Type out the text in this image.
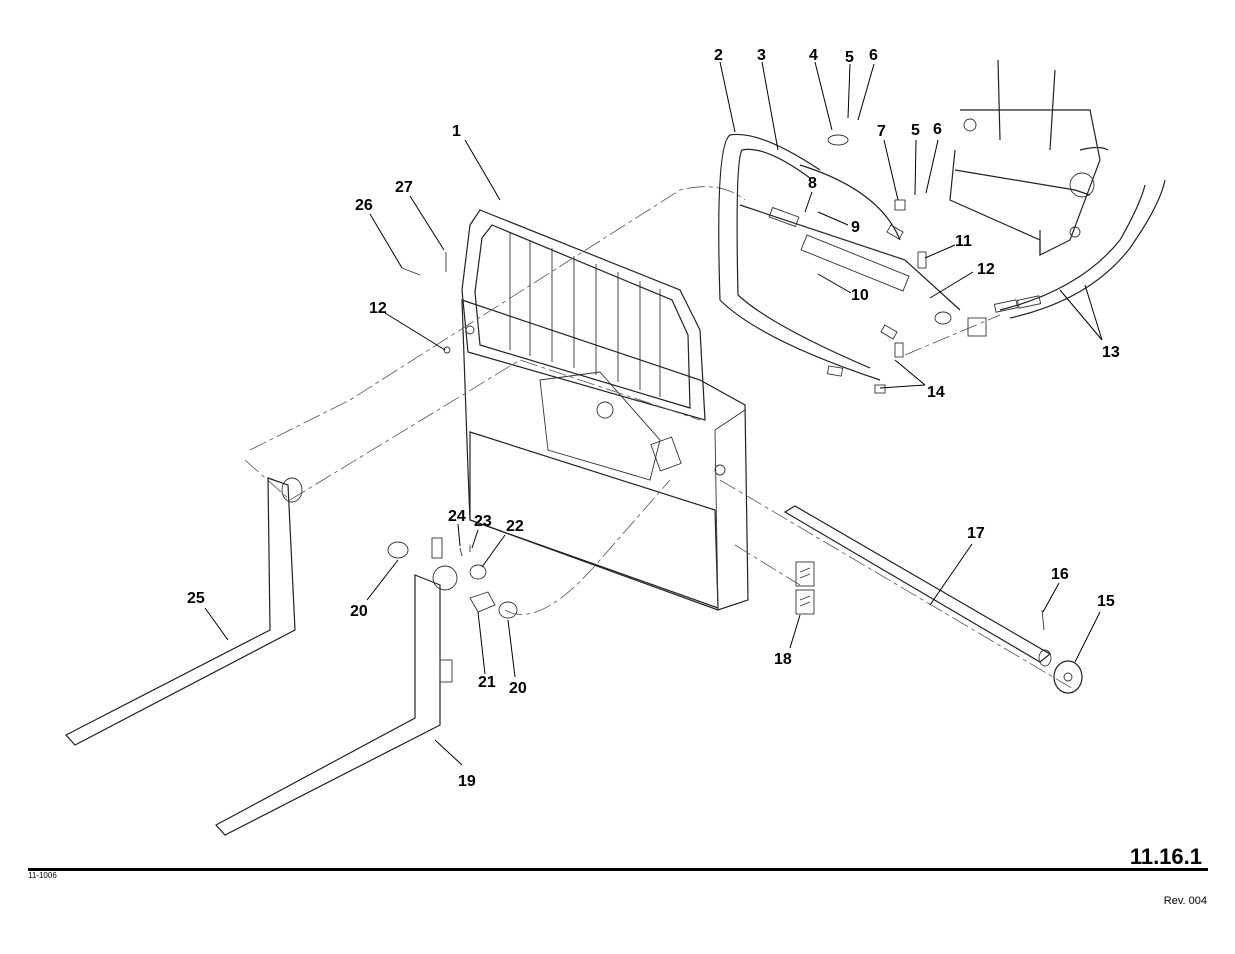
1
2 3	4 5 6
7 5 6
8
9
10
11
12
13
14
15
16
17
18
19
20
20
21
22
23
24
25
26
27
12
11.16.1
11-1006
Rev. 004
